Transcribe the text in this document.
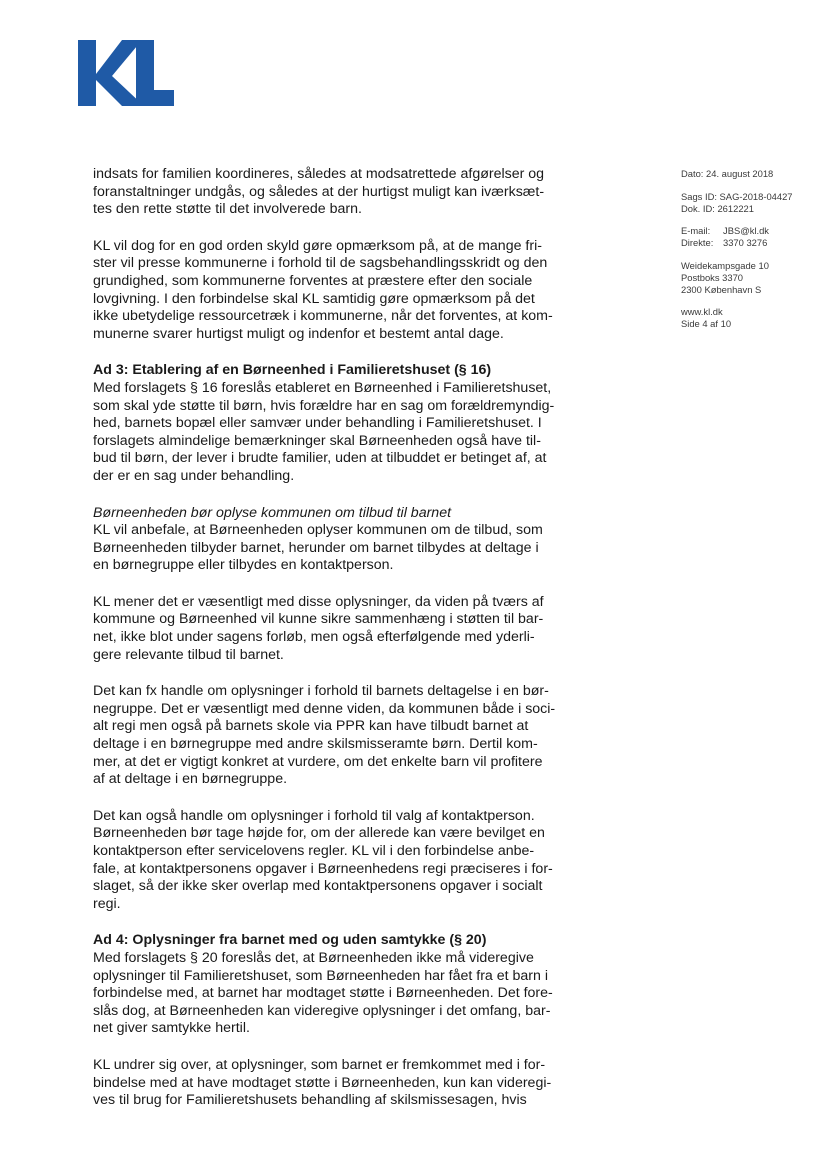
indsats for familien koordineres, således at modsatrettede afgørelser og
foranstaltninger undgås, og således at der hurtigst muligt kan iværksæt-
tes den rette støtte til det involverede barn.
KL vil dog for en god orden skyld gøre opmærksom på, at de mange fri-
ster vil presse kommunerne i forhold til de sagsbehandlingsskridt og den
grundighed, som kommunerne forventes at præstere efter den sociale
lovgivning. I den forbindelse skal KL samtidig gøre opmærksom på det
ikke ubetydelige ressourcetræk i kommunerne, når det forventes, at kom-
munerne svarer hurtigst muligt og indenfor et bestemt antal dage.
Ad 3: Etablering af en Børneenhed i Familieretshuset (§ 16)
Med forslagets § 16 foreslås etableret en Børneenhed i Familieretshuset,
som skal yde støtte til børn, hvis forældre har en sag om forældremyndig-
hed, barnets bopæl eller samvær under behandling i Familieretshuset. I
forslagets almindelige bemærkninger skal Børneenheden også have til-
bud til børn, der lever i brudte familier, uden at tilbuddet er betinget af, at
der er en sag under behandling.
Børneenheden bør oplyse kommunen om tilbud til barnet
KL vil anbefale, at Børneenheden oplyser kommunen om de tilbud, som
Børneenheden tilbyder barnet, herunder om barnet tilbydes at deltage i
en børnegruppe eller tilbydes en kontaktperson.
KL mener det er væsentligt med disse oplysninger, da viden på tværs af
kommune og Børneenhed vil kunne sikre sammenhæng i støtten til bar-
net, ikke blot under sagens forløb, men også efterfølgende med yderli-
gere relevante tilbud til barnet.
Det kan fx handle om oplysninger i forhold til barnets deltagelse i en bør-
negruppe. Det er væsentligt med denne viden, da kommunen både i soci-
alt regi men også på barnets skole via PPR kan have tilbudt barnet at
deltage i en børnegruppe med andre skilsmisseramte børn. Dertil kom-
mer, at det er vigtigt konkret at vurdere, om det enkelte barn vil profitere
af at deltage i en børnegruppe.
Det kan også handle om oplysninger i forhold til valg af kontaktperson.
Børneenheden bør tage højde for, om der allerede kan være bevilget en
kontaktperson efter servicelovens regler. KL vil i den forbindelse anbe-
fale, at kontaktpersonens opgaver i Børneenhedens regi præciseres i for-
slaget, så der ikke sker overlap med kontaktpersonens opgaver i socialt
regi.
Ad 4: Oplysninger fra barnet med og uden samtykke (§ 20)
Med forslagets § 20 foreslås det, at Børneenheden ikke må videregive
oplysninger til Familieretshuset, som Børneenheden har fået fra et barn i
forbindelse med, at barnet har modtaget støtte i Børneenheden. Det fore-
slås dog, at Børneenheden kan videregive oplysninger i det omfang, bar-
net giver samtykke hertil.
KL undrer sig over, at oplysninger, som barnet er fremkommet med i for-
bindelse med at have modtaget støtte i Børneenheden, kun kan videregi-
ves til brug for Familieretshusets behandling af skilsmissesagen, hvis
Dato: 24. august 2018
Sags ID: SAG-2018-04427
Dok. ID: 2612221
E-mail: JBS@kl.dk
Direkte: 3370 3276
Weidekampsgade 10
Postboks 3370
2300 København S
www.kl.dk
Side 4 af 10
